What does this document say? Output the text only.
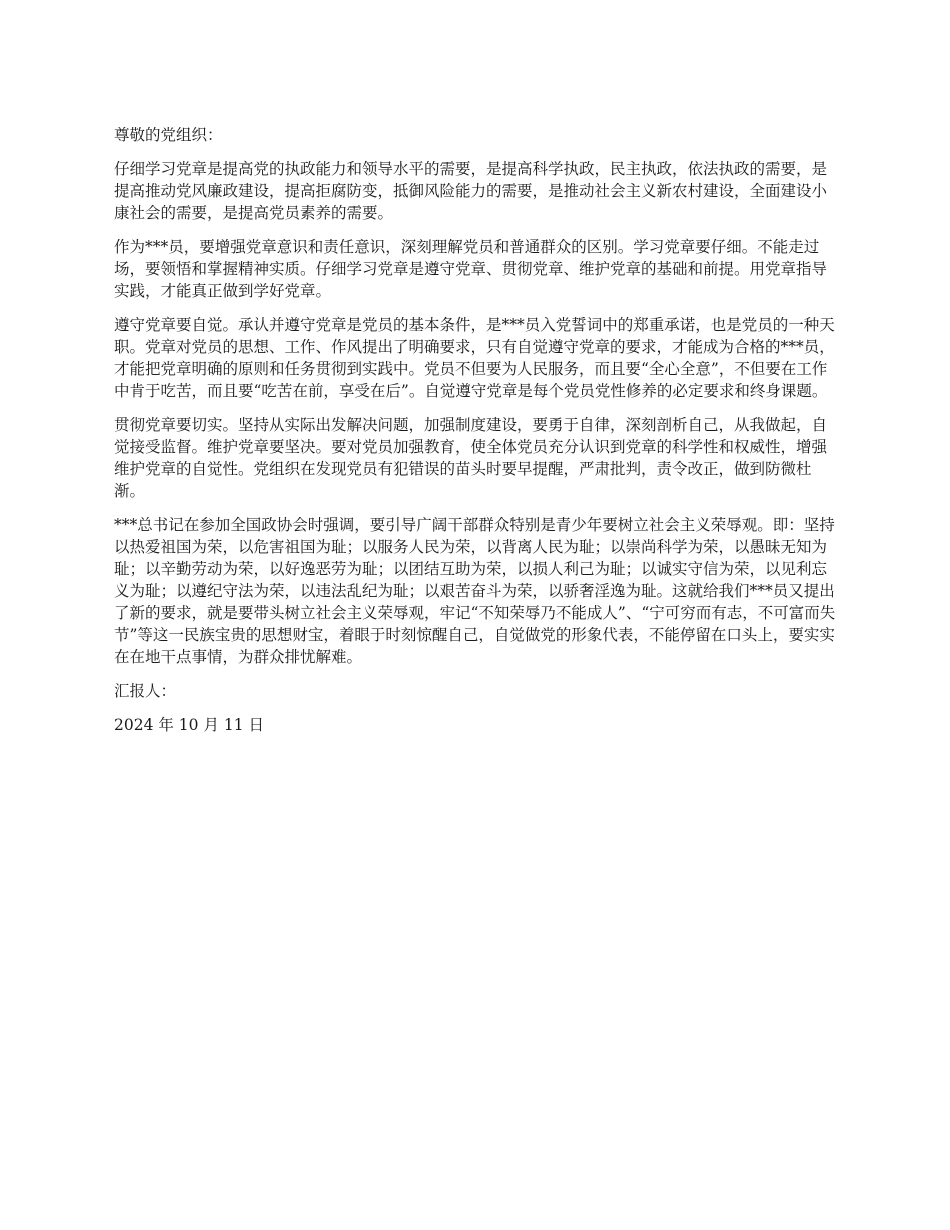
尊敬的党组织：

仔细学习党章是提高党的执政能力和领导水平的需要，是提高科学执政，民主执政，依法执政的需要，是提高推动党风廉政建设，提高拒腐防变，抵御风险能力的需要，是推动社会主义新农村建设，全面建设小康社会的需要，是提高党员素养的需要。

作为***员，要增强党章意识和责任意识，深刻理解党员和普通群众的区别。学习党章要仔细。不能走过场，要领悟和掌握精神实质。仔细学习党章是遵守党章、贯彻党章、维护党章的基础和前提。用党章指导实践，才能真正做到学好党章。

遵守党章要自觉。承认并遵守党章是党员的基本条件，是***员入党誓词中的郑重承诺，也是党员的一种天职。党章对党员的思想、工作、作风提出了明确要求，只有自觉遵守党章的要求，才能成为合格的***员，才能把党章明确的原则和任务贯彻到实践中。党员不但要为人民服务，而且要“全心全意”，不但要在工作中肯于吃苦，而且要“吃苦在前，享受在后”。自觉遵守党章是每个党员党性修养的必定要求和终身课题。

贯彻党章要切实。坚持从实际出发解决问题，加强制度建设，要勇于自律，深刻剖析自己，从我做起，自觉接受监督。维护党章要坚决。要对党员加强教育，使全体党员充分认识到党章的科学性和权威性，增强维护党章的自觉性。党组织在发现党员有犯错误的苗头时要早提醒，严肃批判，责令改正，做到防微杜渐。

***总书记在参加全国政协会时强调，要引导广阔干部群众特别是青少年要树立社会主义荣辱观。即：坚持以热爱祖国为荣，以危害祖国为耻；以服务人民为荣，以背离人民为耻；以崇尚科学为荣，以愚昧无知为耻；以辛勤劳动为荣，以好逸恶劳为耻；以团结互助为荣，以损人利己为耻；以诚实守信为荣，以见利忘义为耻；以遵纪守法为荣，以违法乱纪为耻；以艰苦奋斗为荣，以骄奢淫逸为耻。这就给我们***员又提出了新的要求，就是要带头树立社会主义荣辱观，牢记“不知荣辱乃不能成人”、“宁可穷而有志，不可富而失节”等这一民族宝贵的思想财宝，着眼于时刻惊醒自己，自觉做党的形象代表，不能停留在口头上，要实实在在地干点事情，为群众排忧解难。

汇报人：

2024 年 10 月 11 日
